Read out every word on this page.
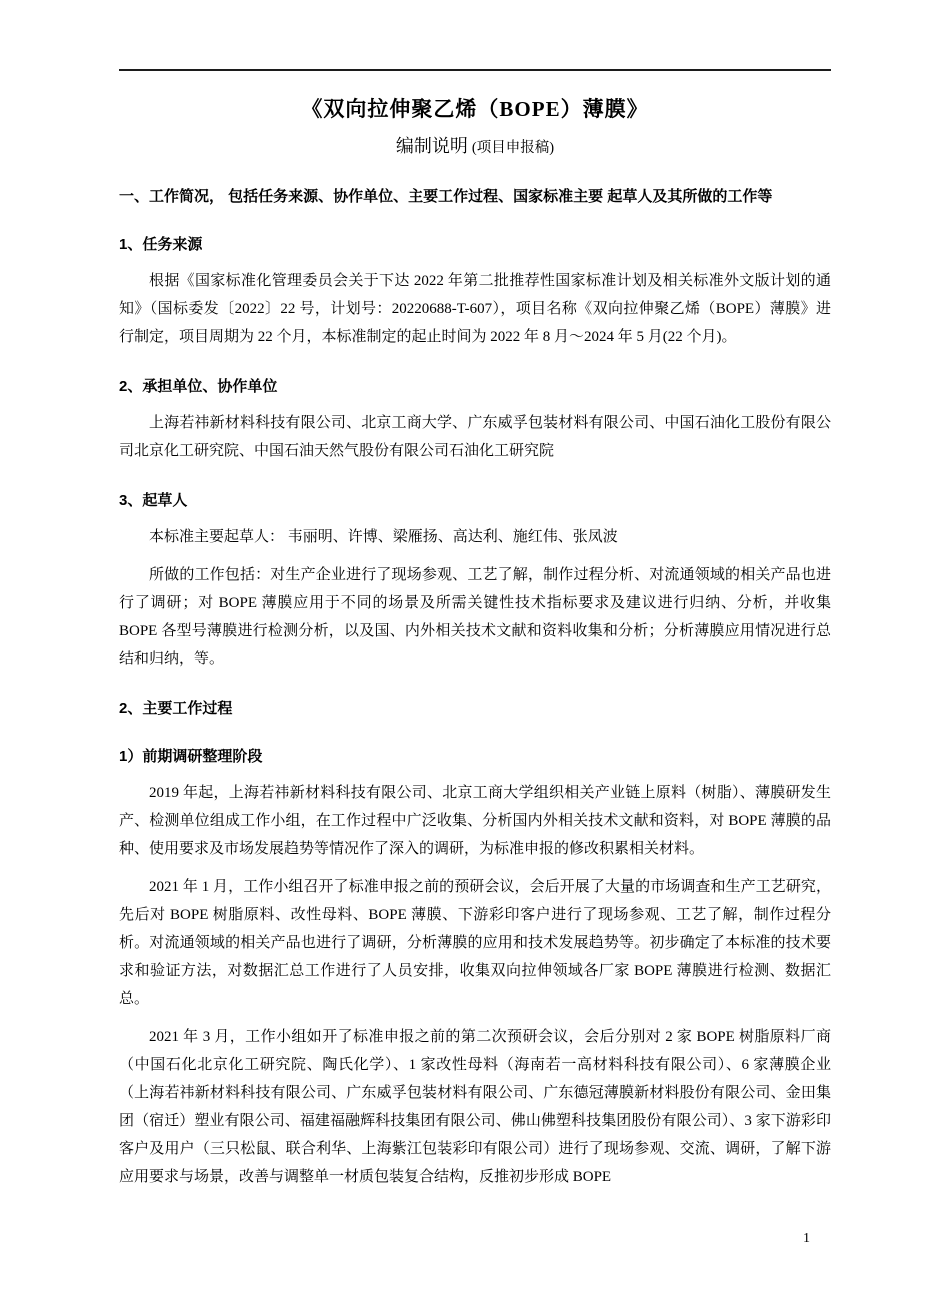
《双向拉伸聚乙烯（BOPE）薄膜》
编制说明 (项目申报稿)
一、工作简况， 包括任务来源、协作单位、主要工作过程、国家标准主要 起草人及其所做的工作等
1、任务来源

根据《国家标准化管理委员会关于下达 2022 年第二批推荐性国家标准计划及相关标准外文版计划的通知》（国标委发〔2022〕22 号，计划号：20220688-T-607），项目名称《双向拉伸聚乙烯（BOPE）薄膜》进行制定，项目周期为 22 个月，本标准制定的起止时间为 2022 年 8 月～2024 年 5 月(22 个月)。

2、承担单位、协作单位

上海若祎新材料科技有限公司、北京工商大学、广东威孚包装材料有限公司、中国石油化工股份有限公司北京化工研究院、中国石油天然气股份有限公司石油化工研究院

3、起草人

本标准主要起草人： 韦丽明、许博、梁雁扬、高达利、施红伟、张凤波

所做的工作包括：对生产企业进行了现场参观、工艺了解，制作过程分析、对流通领域的相关产品也进行了调研；对 BOPE 薄膜应用于不同的场景及所需关键性技术指标要求及建议进行归纳、分析，并收集 BOPE 各型号薄膜进行检测分析，以及国、内外相关技术文献和资料收集和分析；分析薄膜应用情况进行总结和归纳，等。

2、主要工作过程
1）前期调研整理阶段

2019 年起，上海若祎新材料科技有限公司、北京工商大学组织相关产业链上原料（树脂）、薄膜研发生产、检测单位组成工作小组，在工作过程中广泛收集、分析国内外相关技术文献和资料，对 BOPE 薄膜的品种、使用要求及市场发展趋势等情况作了深入的调研，为标准申报的修改积累相关材料。

2021 年 1 月，工作小组召开了标准申报之前的预研会议，会后开展了大量的市场调查和生产工艺研究，先后对 BOPE 树脂原料、改性母料、BOPE 薄膜、下游彩印客户进行了现场参观、工艺了解，制作过程分析。对流通领域的相关产品也进行了调研，分析薄膜的应用和技术发展趋势等。初步确定了本标准的技术要求和验证方法，对数据汇总工作进行了人员安排，收集双向拉伸领域各厂家 BOPE 薄膜进行检测、数据汇总。

2021 年 3 月，工作小组如开了标准申报之前的第二次预研会议，会后分别对 2 家 BOPE 树脂原料厂商（中国石化北京化工研究院、陶氏化学）、1 家改性母料（海南若一高材料科技有限公司）、6 家薄膜企业（上海若祎新材料科技有限公司、广东威孚包装材料有限公司、广东德冠薄膜新材料股份有限公司、金田集团（宿迁）塑业有限公司、福建福融辉科技集团有限公司、佛山佛塑科技集团股份有限公司）、3 家下游彩印客户及用户（三只松鼠、联合利华、上海紫江包装彩印有限公司）进行了现场参观、交流、调研，了解下游应用要求与场景，改善与调整单一材质包装复合结构，反推初步形成 BOPE

1
